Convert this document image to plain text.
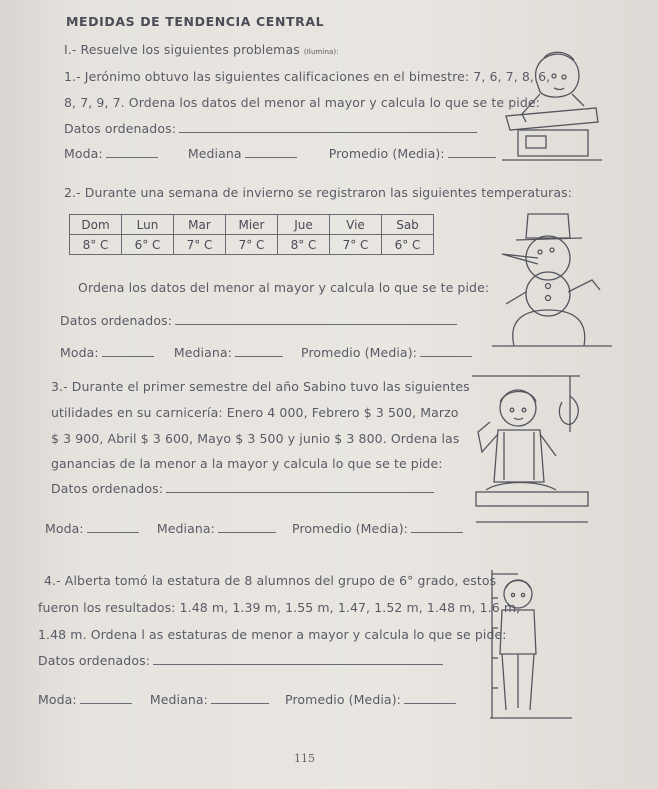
MEDIDAS DE TENDENCIA CENTRAL
I.- Resuelve los siguientes problemas (Ilumina):
1.- Jerónimo obtuvo las siguientes calificaciones en el bimestre: 7, 6, 7, 8, 6,
8, 7, 9, 7. Ordena los datos del menor al mayor y calcula lo que se te pide:
Datos ordenados:
Moda:	Mediana	Promedio (Media):
2.- Durante una semana de invierno se registraron las siguientes temperaturas:
Dom	Lun	Mar	Mier	Jue	Vie	Sab
8° C	6° C	7° C	7° C	8° C	7° C	6° C
Ordena los datos del menor al mayor y calcula lo que se te pide:
Datos ordenados:
Moda:	Mediana:	Promedio (Media):
3.- Durante el primer semestre del año Sabino tuvo las siguientes
utilidades en su carnicería: Enero 4 000, Febrero $ 3 500, Marzo
$ 3 900, Abril $ 3 600, Mayo $ 3 500 y junio $ 3 800. Ordena las
ganancias de la menor a la mayor y calcula lo que se te pide:
Datos ordenados:
Moda:	Mediana:	Promedio (Media):
4.- Alberta tomó la estatura de 8 alumnos del grupo de 6° grado, estos
fueron los resultados: 1.48 m, 1.39 m, 1.55 m, 1.47, 1.52 m, 1.48 m, 1.6 m,
1.48 m. Ordena l as estaturas de menor a mayor y calcula lo que se pide:
Datos ordenados:
Moda:	Mediana:	Promedio (Media):
115
